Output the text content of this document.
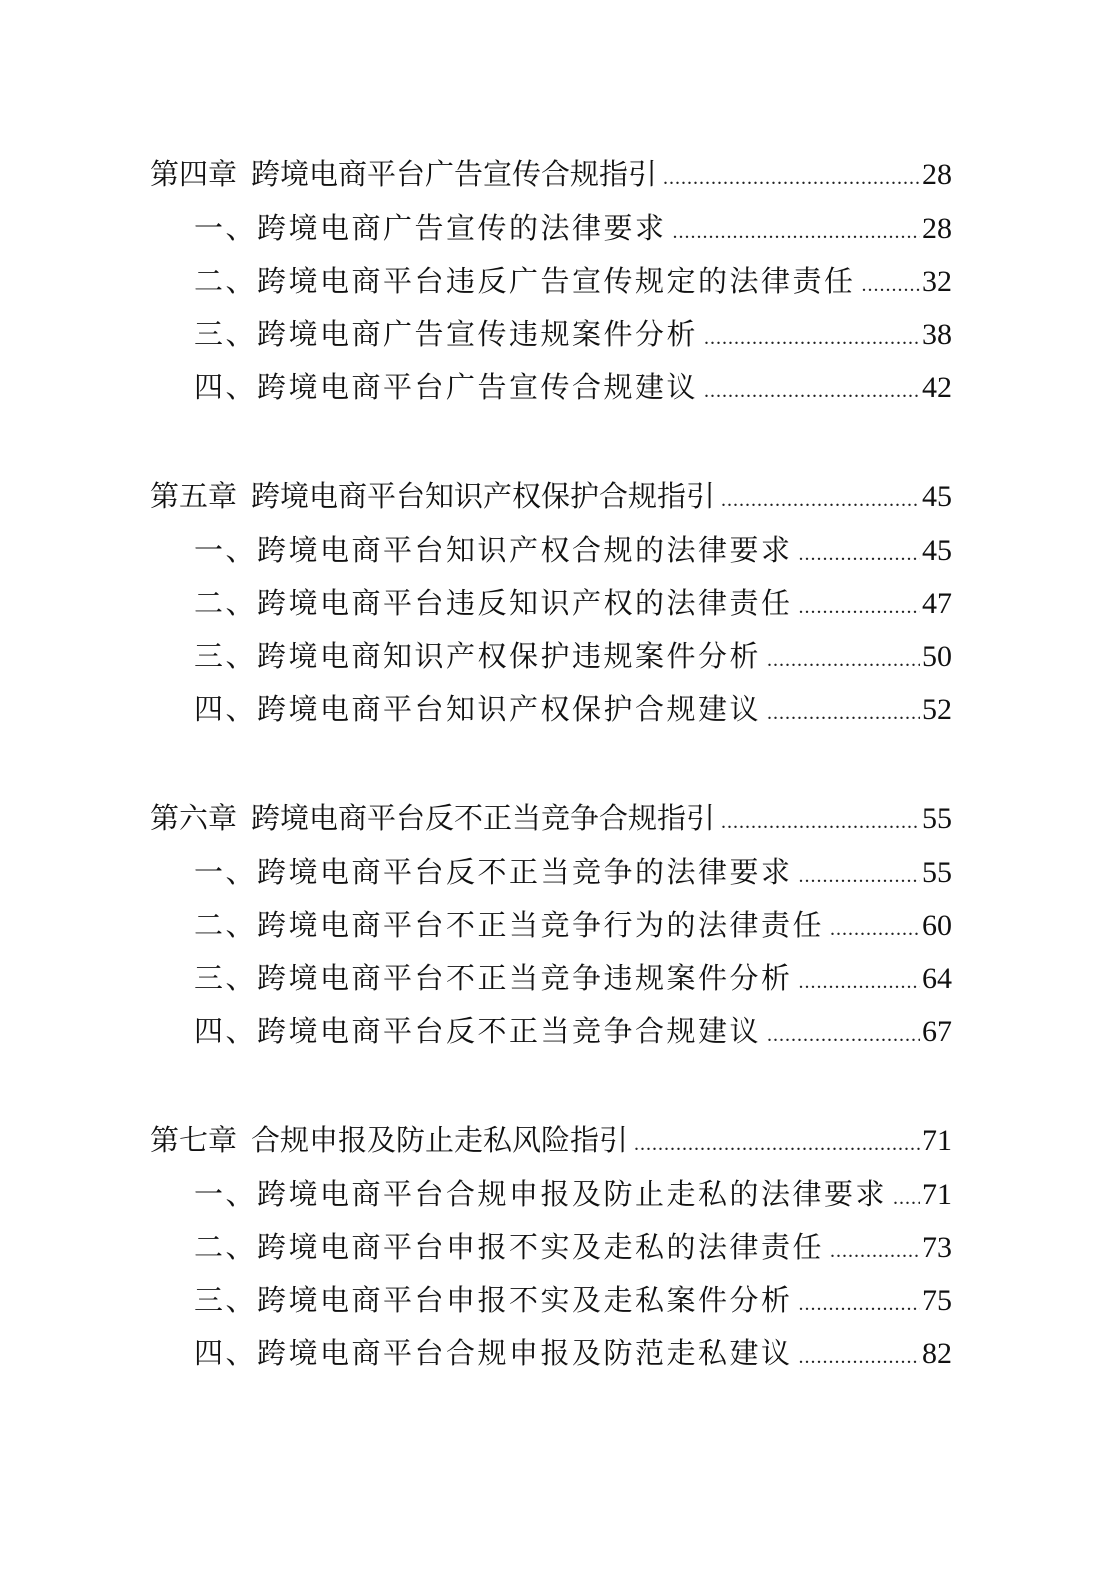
第四章 跨境电商平台广告宣传合规指引 .....	28
一、跨境电商广告宣传的法律要求 .....	28
二、跨境电商平台违反广告宣传规定的法律责任 ..... 32
三、跨境电商广告宣传违规案件分析 .....	38
四、跨境电商平台广告宣传合规建议 .....	42
第五章 跨境电商平台知识产权保护合规指引 .....	45
一、跨境电商平台知识产权合规的法律要求 .....	45
二、跨境电商平台违反知识产权的法律责任 .....	47
三、跨境电商知识产权保护违规案件分析 .....	50
四、跨境电商平台知识产权保护合规建议 .....	52
第六章 跨境电商平台反不正当竞争合规指引 .....	55
一、跨境电商平台反不正当竞争的法律要求 .....	55
二、跨境电商平台不正当竞争行为的法律责任 .....	60
三、跨境电商平台不正当竞争违规案件分析 .....	64
四、跨境电商平台反不正当竞争合规建议 .....	67
第七章 合规申报及防止走私风险指引 .....	71
一、跨境电商平台合规申报及防止走私的法律要求 ..... 71
二、跨境电商平台申报不实及走私的法律责任 .....	73
三、跨境电商平台申报不实及走私案件分析 .....	75
四、跨境电商平台合规申报及防范走私建议 .....	82
